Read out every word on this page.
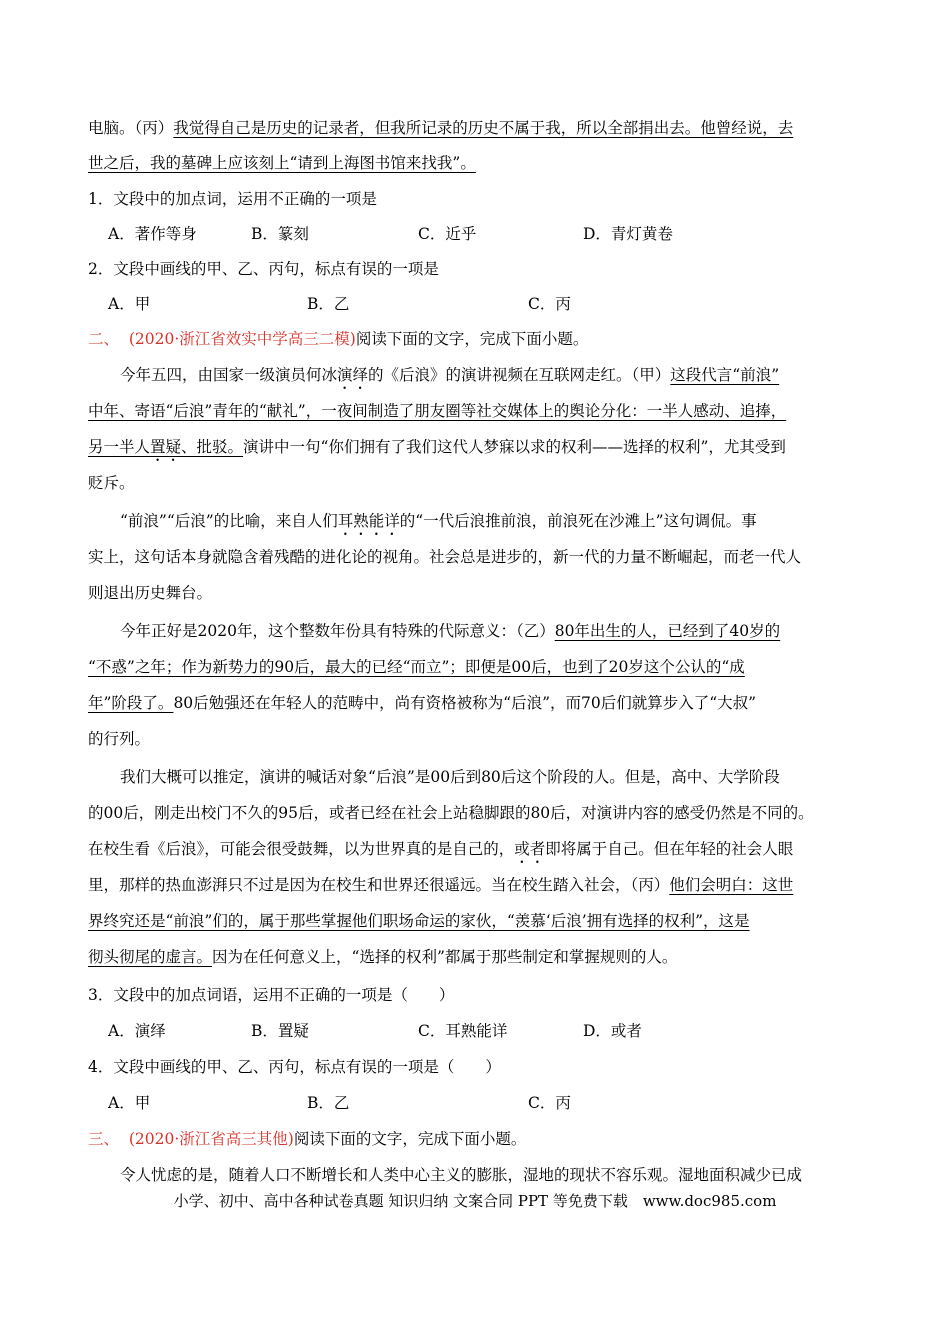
电脑。（丙）我觉得自己是历史的记录者，但我所记录的历史不属于我，所以全部捐出去。他曾经说，去
世之后，我的墓碑上应该刻上“请到上海图书馆来找我”。
1．文段中的加点词，运用不正确的一项是
A．著作等身	B．篆刻	C．近乎	D．青灯黄卷
2．文段中画线的甲、乙、丙句，标点有误的一项是
A．甲	B．乙	C．丙
二、 (2020·浙江省效实中学高三二模)阅读下面的文字，完成下面小题。
今年五四，由国家一级演员何冰演绎的《后浪》的演讲视频在互联网走红。（甲）这段代言“前浪”
中年、寄语“后浪”青年的“献礼”，一夜间制造了朋友圈等社交媒体上的舆论分化：一半人感动、追捧，
另一半人置疑、批驳。演讲中一句“你们拥有了我们这代人梦寐以求的权利——选择的权利”，尤其受到
贬斥。
“前浪”“后浪”的比喻，来自人们耳熟能详的“一代后浪推前浪，前浪死在沙滩上”这句调侃。事
实上，这句话本身就隐含着残酷的进化论的视角。社会总是进步的，新一代的力量不断崛起，而老一代人
则退出历史舞台。
今年正好是2020年，这个整数年份具有特殊的代际意义：（乙）80年出生的人，已经到了40岁的
“不惑”之年；作为新势力的90后，最大的已经“而立”；即便是00后，也到了20岁这个公认的“成
年”阶段了。80后勉强还在年轻人的范畴中，尚有资格被称为“后浪”，而70后们就算步入了“大叔”
的行列。
我们大概可以推定，演讲的喊话对象“后浪”是00后到80后这个阶段的人。但是，高中、大学阶段
的00后，刚走出校门不久的95后，或者已经在社会上站稳脚跟的80后，对演讲内容的感受仍然是不同的。
在校生看《后浪》，可能会很受鼓舞，以为世界真的是自己的，或者即将属于自己。但在年轻的社会人眼
里，那样的热血澎湃只不过是因为在校生和世界还很遥远。当在校生踏入社会，（丙）他们会明白：这世
界终究还是“前浪”们的，属于那些掌握他们职场命运的家伙，“羡慕‘后浪’拥有选择的权利”，这是
彻头彻尾的虚言。因为在任何意义上，“选择的权利”都属于那些制定和掌握规则的人。
3．文段中的加点词语，运用不正确的一项是（　　）
A．演绎	B．置疑	C．耳熟能详	D．或者
4．文段中画线的甲、乙、丙句，标点有误的一项是（　　）
A．甲	B．乙	C．丙
三、 (2020·浙江省高三其他)阅读下面的文字，完成下面小题。
令人忧虑的是，随着人口不断增长和人类中心主义的膨胀，湿地的现状不容乐观。湿地面积减少已成
小学、初中、高中各种试卷真题 知识归纳 文案合同 PPT 等免费下载　www.doc985.com
